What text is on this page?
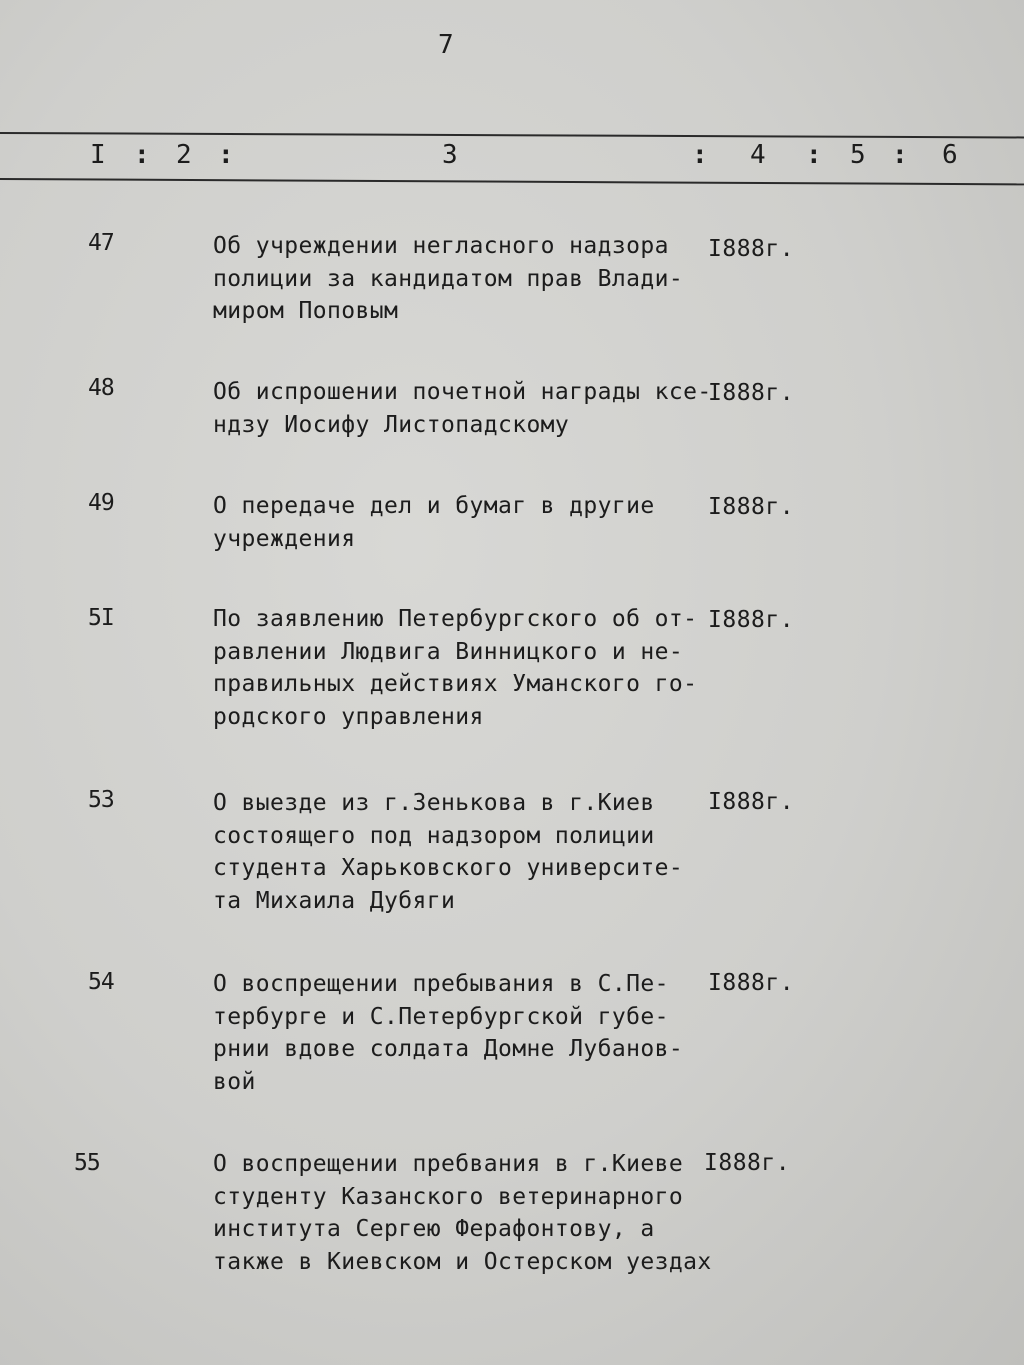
7
I : 2 :	3	: 4 : 5 : 6
47	Об учреждении негласного надзора
полиции за кандидатом прав Влади-
миром Поповым
I888г.
48	Об испрошении почетной награды кce-
ндзу Иосифу Листопадскому
I888г.
49	О передаче дел и бумаг в другие
учреждения
I888г.
5I	По заявлению Петербургского об от-
равлении Людвига Винницкого и не-
правильных действиях Уманского го-
родского управления
I888г.
53	О выезде из г.Зенькова в г.Киев
состоящего под надзором полиции
студента Харьковского университе-
та Михаила Дубяги
I888г.
54	О воспрещении пребывания в С.Пе-
тербурге и С.Петербургской губе-
рнии вдове солдата Домне Лубанов-
вой
I888г.
55	О воспрещении пребвания в г.Киеве
студенту Казанского ветеринарного
института Сергею Ферафонтову, а
также в Киевском и Остерском уездах
I888г.
